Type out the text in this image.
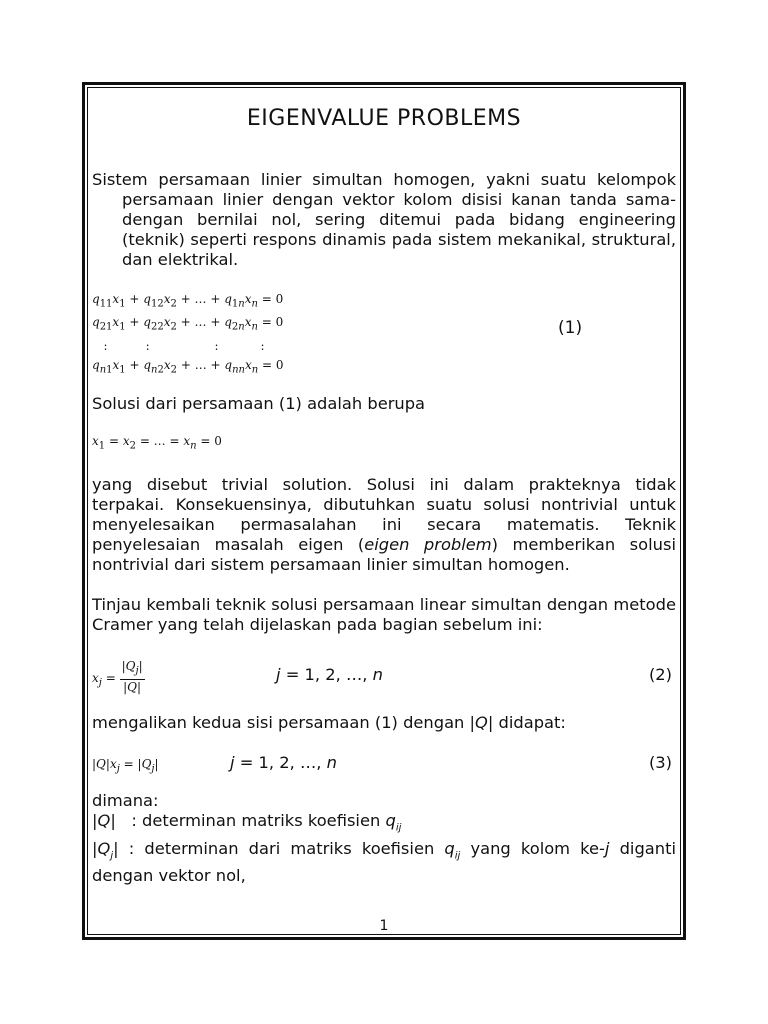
EIGENVALUE PROBLEMS

Sistem persamaan linier simultan homogen, yakni suatu kelompok persamaan linier dengan vektor kolom disisi kanan tanda sama-dengan bernilai nol, sering ditemui pada bidang engineering (teknik) seperti respons dinamis pada sistem mekanikal, struktural, dan elektrikal.

$q_{11}x_1 + q_{12}x_2$ + … + $q_{1n}x_n = 0$
$q_{21}x_1 + q_{22}x_2$ + … + $q_{2n}x_n = 0$
:          :                 :           :
$q_{n1}x_1 + q_{n2}x_2$ + … + $q_{nn}x_n = 0$
(1)

Solusi dari persamaan (1) adalah berupa

$x_1 = x_2$ = … = $x_n = 0$

yang disebut trivial solution. Solusi ini dalam prakteknya tidak terpakai. Konsekuensinya, dibutuhkan suatu solusi nontrivial untuk menyelesaikan permasalahan ini secara matematis. Teknik penyelesaian masalah eigen (eigen problem) memberikan solusi nontrivial dari sistem persamaan linier simultan homogen.

Tinjau kembali teknik solusi persamaan linear simultan dengan metode Cramer yang telah dijelaskan pada bagian sebelum ini:

$x_j = \frac{|Q_j|}{|Q|}$	j = 1, 2, …, n	(2)

mengalikan kedua sisi persamaan (1) dengan |Q| didapat:

$|Q|x_j = |Q_j|$	j = 1, 2, …, n	(3)

dimana:

|Q|   : determinan matriks koefisien $q_{ij}$

$|Q_j|$ : determinan dari matriks koefisien $q_{ij}$ yang kolom ke-j diganti dengan vektor nol,

1
